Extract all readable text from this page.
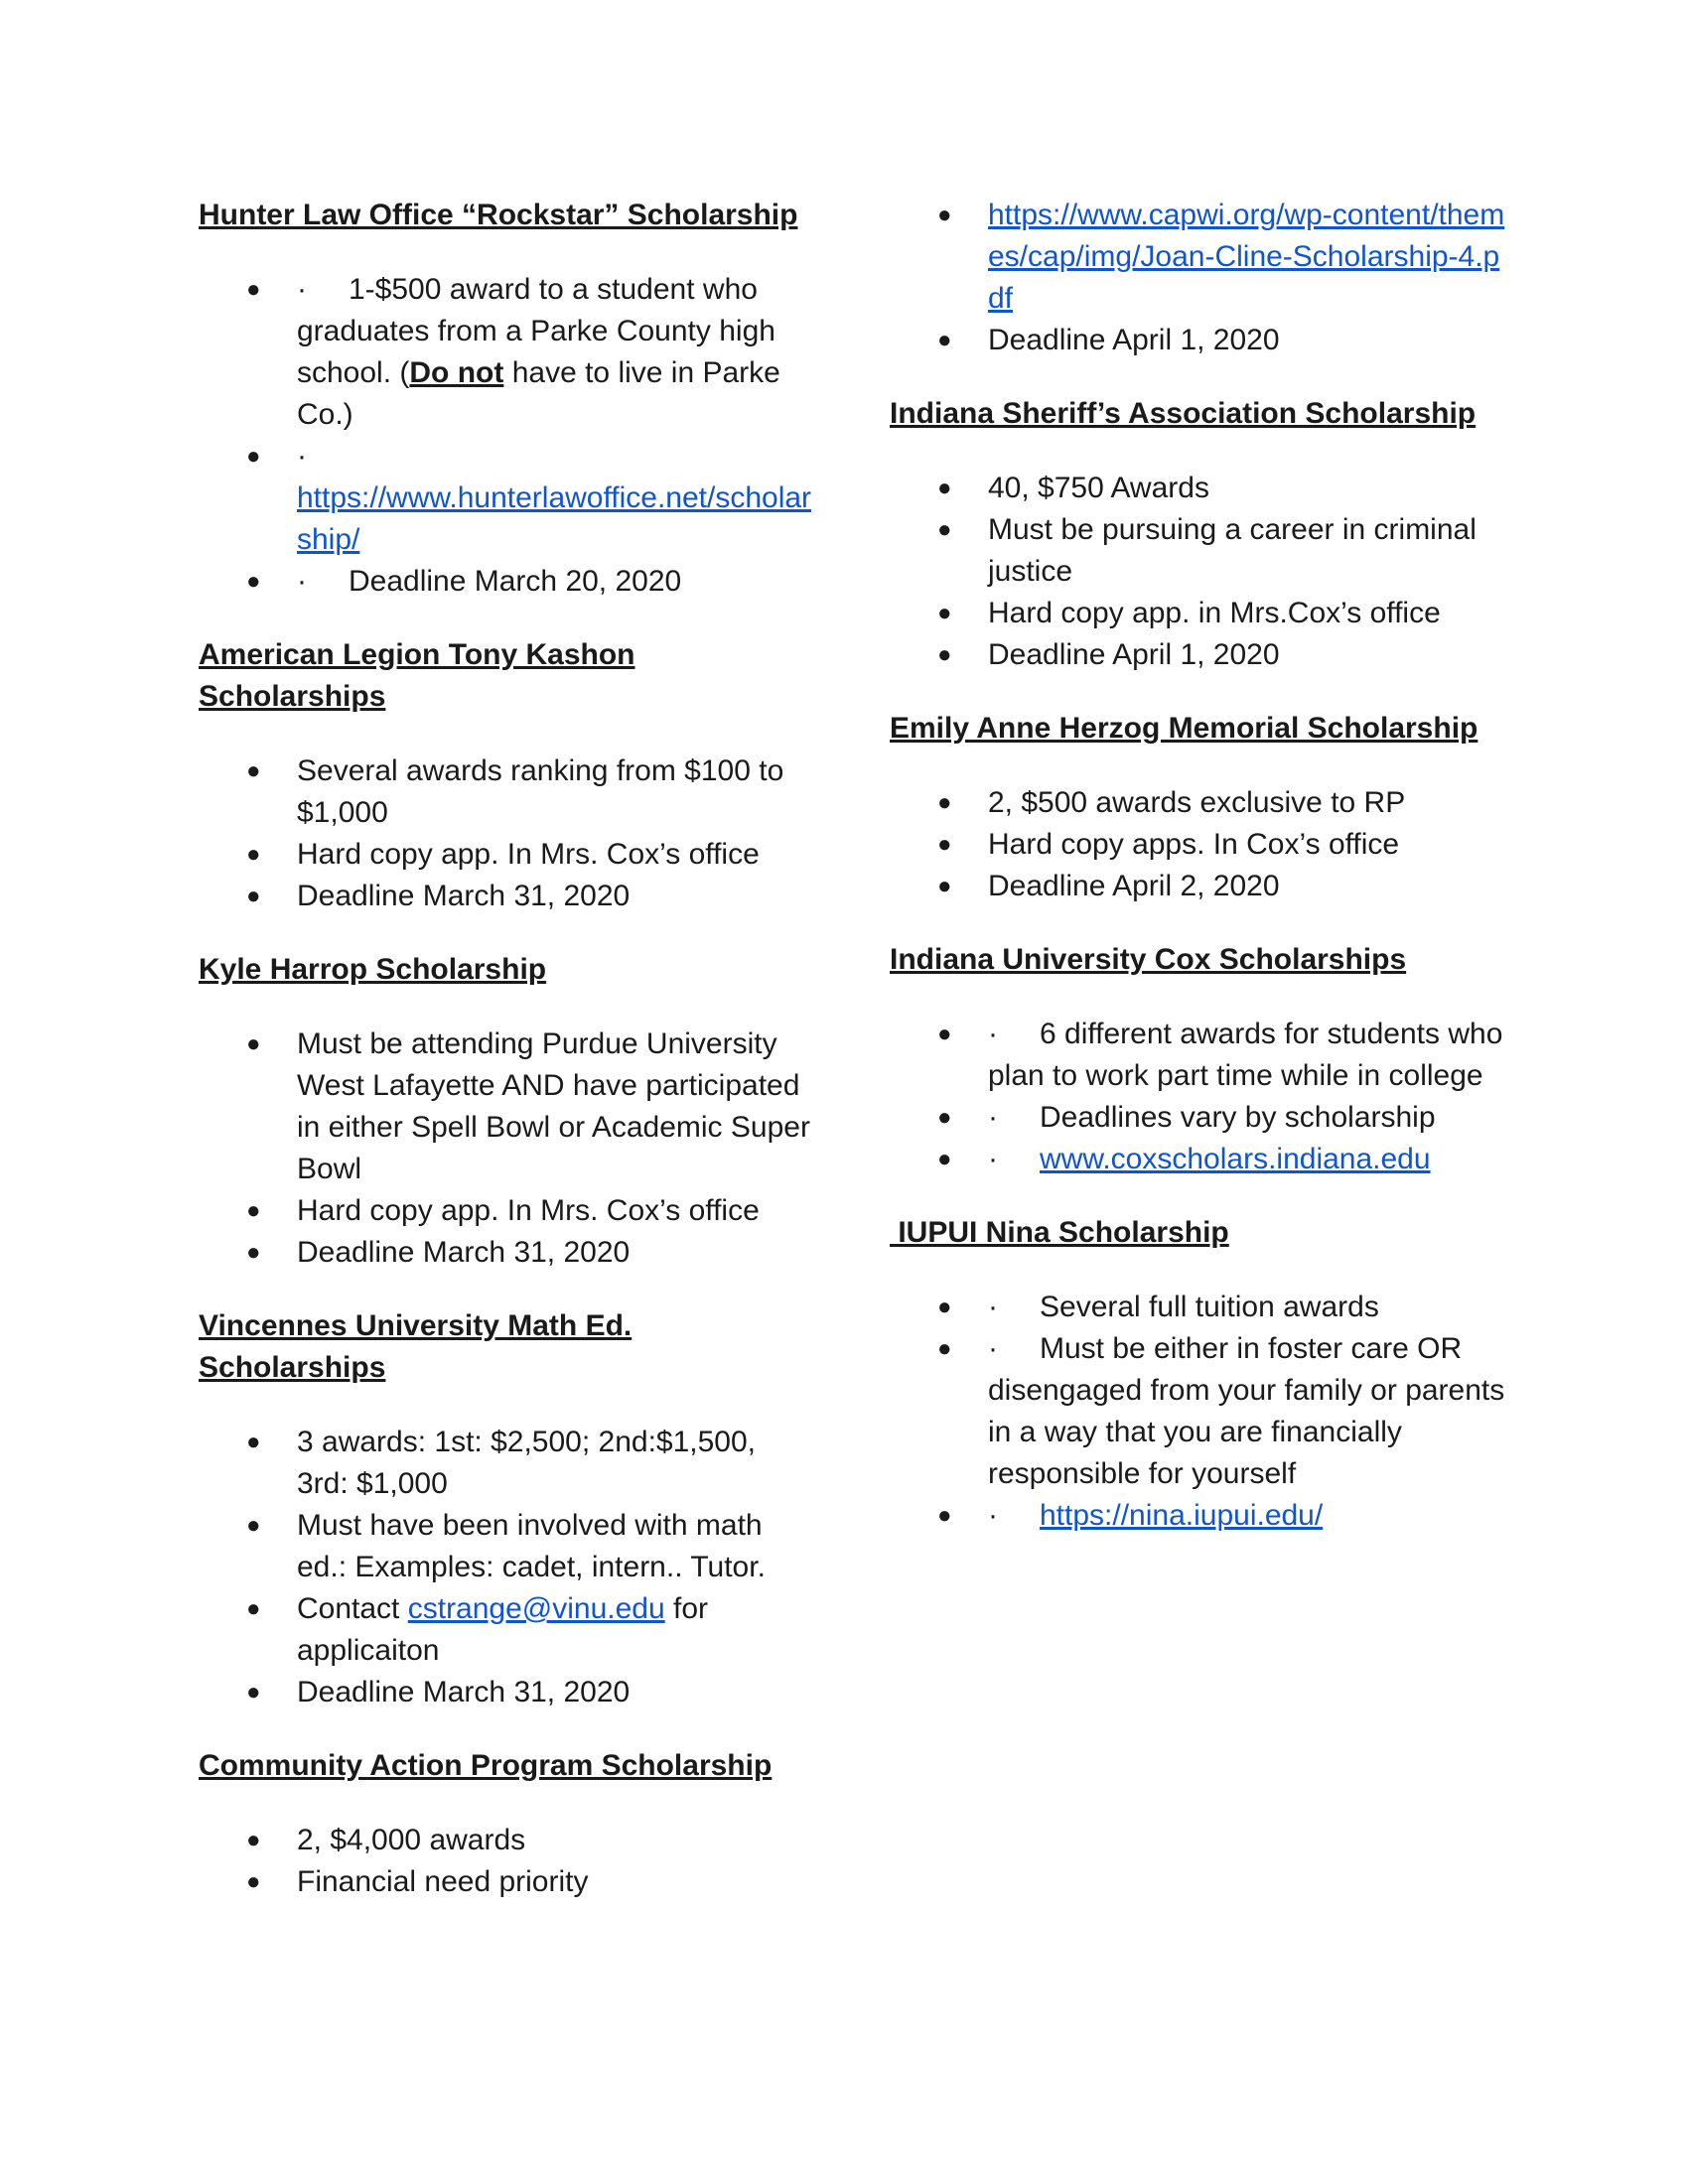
Hunter Law Office “Rockstar” Scholarship
● · 1-$500 award to a student who graduates from a Parke County high school. (Do not have to live in Parke Co.)
● ·
https://www.hunterlawoffice.net/scholarship/
● · Deadline March 20, 2020
American Legion Tony Kashon Scholarships
● Several awards ranking from $100 to $1,000
● Hard copy app. In Mrs. Cox’s office
● Deadline March 31, 2020
Kyle Harrop Scholarship
● Must be attending Purdue University West Lafayette AND have participated in either Spell Bowl or Academic Super Bowl
● Hard copy app. In Mrs. Cox’s office
● Deadline March 31, 2020
Vincennes University Math Ed. Scholarships
● 3 awards: 1st: $2,500; 2nd:$1,500, 3rd: $1,000
● Must have been involved with math ed.: Examples: cadet, intern.. Tutor.
● Contact cstrange@vinu.edu for applicaiton
● Deadline March 31, 2020
Community Action Program Scholarship
● 2, $4,000 awards
● Financial need priority
● https://www.capwi.org/wp-content/themes/cap/img/Joan-Cline-Scholarship-4.pdf
● Deadline April 1, 2020
Indiana Sheriff’s Association Scholarship
● 40, $750 Awards
● Must be pursuing a career in criminal justice
● Hard copy app. in Mrs.Cox’s office
● Deadline April 1, 2020
Emily Anne Herzog Memorial Scholarship
● 2, $500 awards exclusive to RP
● Hard copy apps. In Cox’s office
● Deadline April 2, 2020
Indiana University Cox Scholarships
● · 6 different awards for students who plan to work part time while in college
● · Deadlines vary by scholarship
● · www.coxscholars.indiana.edu
IUPUI Nina Scholarship
● · Several full tuition awards
● · Must be either in foster care OR disengaged from your family or parents in a way that you are financially responsible for yourself
● · https://nina.iupui.edu/
